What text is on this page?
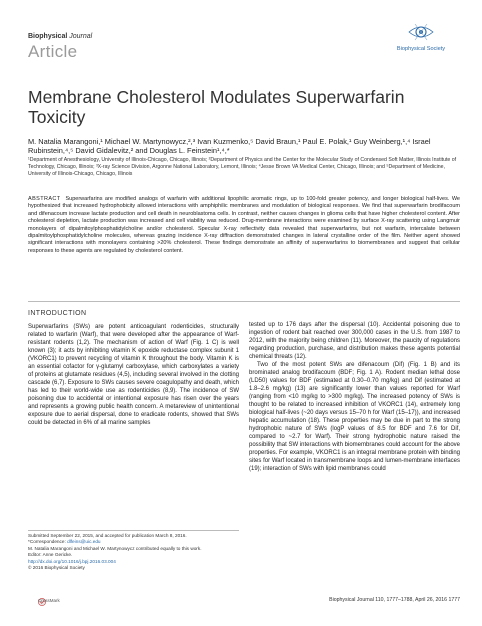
Biophysical Journal
Article	Biophysical Society
Membrane Cholesterol Modulates Superwarfarin Toxicity
M. Natalia Marangoni,¹ Michael W. Martynowycz,²,³ Ivan Kuzmenko,⁵ David Braun,¹ Paul E. Polak,¹ Guy Weinberg,¹,⁴ Israel Rubinstein,⁴,⁵ David Gidalevitz,² and Douglas L. Feinstein¹,⁴,*
¹Department of Anesthesiology, University of Illinois-Chicago, Chicago, Illinois; ²Department of Physics and the Center for the Molecular Study of Condensed Soft Matter, Illinois Institute of Technology, Chicago, Illinois; ³X-ray Science Division, Argonne National Laboratory, Lemont, Illinois; ⁴Jesse Brown VA Medical Center, Chicago, Illinois; and ⁵Department of Medicine, University of Illinois-Chicago, Chicago, Illinois
ABSTRACT Superwarfarins are modified analogs of warfarin with additional lipophilic aromatic rings, up to 100-fold greater potency, and longer biological half-lives. We hypothesized that increased hydrophobicity allowed interactions with amphiphilic membranes and modulation of biological responses. We find that superwarfarin brodifacoum and difenacoum increase lactate production and cell death in neuroblastoma cells. In contrast, neither causes changes in glioma cells that have higher cholesterol content. After cholesterol depletion, lactate production was increased and cell viability was reduced. Drug-membrane interactions were examined by surface X-ray scattering using Langmuir monolayers of dipalmitoylphosphatidylcholine and/or cholesterol. Specular X-ray reflectivity data revealed that superwarfarins, but not warfarin, intercalate between dipalmitoylphosphatidylcholine molecules, whereas grazing incidence X-ray diffraction demonstrated changes in lateral crystalline order of the film. Neither agent showed significant interactions with monolayers containing >20% cholesterol. These findings demonstrate an affinity of superwarfarins to biomembranes and suggest that cellular responses to these agents are regulated by cholesterol content.
INTRODUCTION

Superwarfarins (SWs) are potent anticoagulant rodenticides, structurally related to warfarin (Warf), that were developed after the appearance of Warf-resistant rodents (1,2). The mechanism of action of Warf (Fig. 1 C) is well known (3); it acts by inhibiting vitamin K epoxide reductase complex subunit 1 (VKORC1) to prevent recycling of vitamin K throughout the body. Vitamin K is an essential cofactor for γ-glutamyl carboxylase, which carboxylates a variety of proteins at glutamate residues (4,5), including several involved in the clotting cascade (6,7). Exposure to SWs causes severe coagulopathy and death, which has led to their world-wide use as rodenticides (8,9). The incidence of SW poisoning due to accidental or intentional exposure has risen over the years and represents a growing public health concern. A metareview of unintentional exposure due to aerial dispersal, done to eradicate rodents, showed that SWs could be detected in 6% of all marine samples

tested up to 176 days after the dispersal (10). Accidental poisoning due to ingestion of rodent bait reached over 300,000 cases in the U.S. from 1987 to 2012, with the majority being children (11). Moreover, the paucity of regulations regarding production, purchase, and distribution makes these agents potential chemical threats (12).

Two of the most potent SWs are difenacoum (Dif) (Fig. 1 B) and its brominated analog brodifacoum (BDF; Fig. 1 A). Rodent median lethal dose (LD50) values for BDF (estimated at 0.30–0.70 mg/kg) and Dif (estimated at 1.8–2.6 mg/kg) (13) are significantly lower than values reported for Warf (ranging from <10 mg/kg to >300 mg/kg). The increased potency of SWs is thought to be related to increased inhibition of VKORC1 (14), extremely long biological half-lives (~20 days versus 15–70 h for Warf (15–17)), and increased hepatic accumulation (18). These properties may be due in part to the strong hydrophobic nature of SWs (logP values of 8.5 for BDF and 7.6 for Dif, compared to ~2.7 for Warf). Their strong hydrophobic nature raised the possibility that SW interactions with biomembranes could account for the above properties. For example, VKORC1 is an integral membrane protein with binding sites for Warf located in transmembrane loops and lumen-membrane interfaces (19); interaction of SWs with lipid membranes could

Submitted September 22, 2015, and accepted for publication March 8, 2016.
*Correspondence: dlfeins@uic.edu
M. Natalia Marangoni and Michael W. Martynowycz contributed equally to this work.
Editor: Anne Gericke.
http://dx.doi.org/10.1016/j.bpj.2016.03.004
© 2016 Biophysical Society
CrossMark	Biophysical Journal 110, 1777–1788, April 26, 2016 1777
